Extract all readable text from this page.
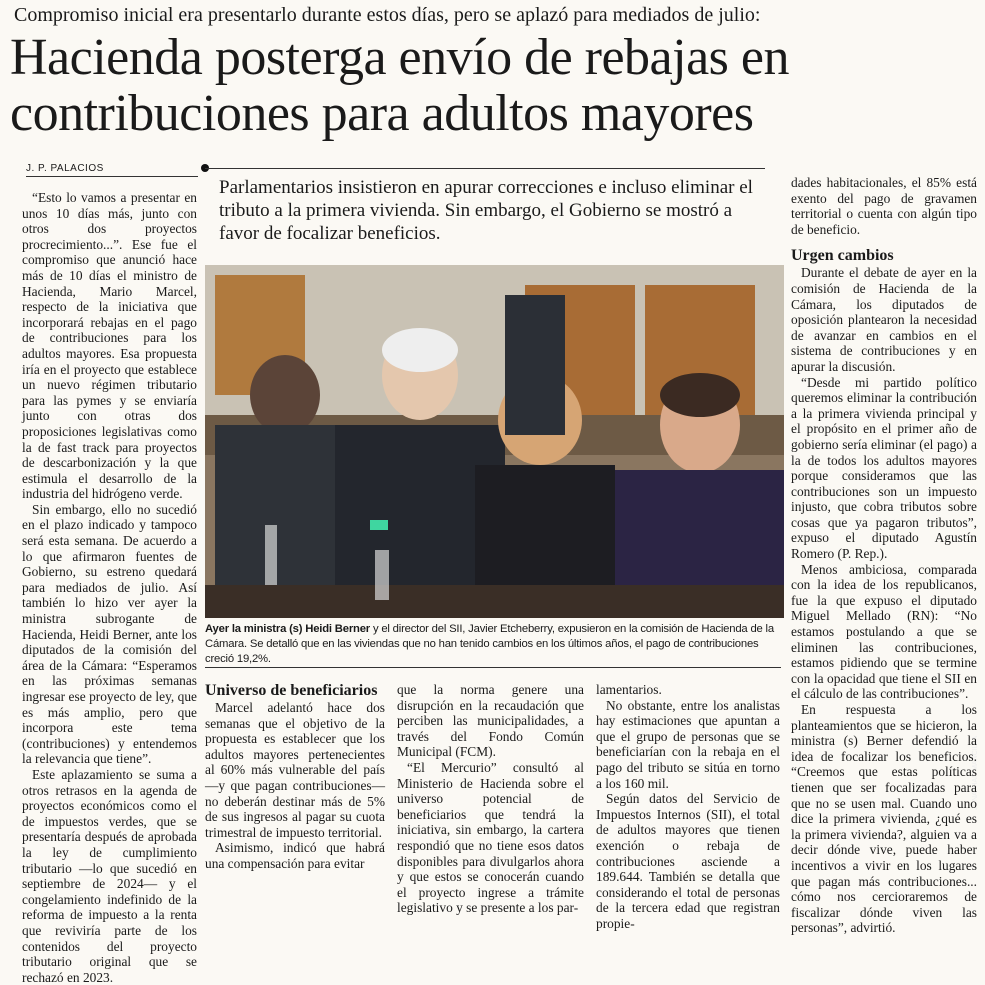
Compromiso inicial era presentarlo durante estos días, pero se aplazó para mediados de julio:
Hacienda posterga envío de rebajas en contribuciones para adultos mayores
J. P. PALACIOS
Parlamentarios insistieron en apurar correcciones e incluso eliminar el tributo a la primera vivienda. Sin embargo, el Gobierno se mostró a favor de focalizar beneficios.

“Esto lo vamos a presentar en unos 10 días más, junto con otros dos proyectos procrecimiento...”. Ese fue el compromiso que anunció hace más de 10 días el ministro de Hacienda, Mario Marcel, respecto de la iniciativa que incorporará rebajas en el pago de contribuciones para los adultos mayores. Esa propuesta iría en el proyecto que establece un nuevo régimen tributario para las pymes y se enviaría junto con otras dos proposiciones legislativas como la de fast track para proyectos de descarbonización y la que estimula el desarrollo de la industria del hidrógeno verde.

Sin embargo, ello no sucedió en el plazo indicado y tampoco será esta semana. De acuerdo a lo que afirmaron fuentes de Gobierno, su estreno quedará para mediados de julio. Así también lo hizo ver ayer la ministra subrogante de Hacienda, Heidi Berner, ante los diputados de la comisión del área de la Cámara: “Esperamos en las próximas semanas ingresar ese proyecto de ley, que es más amplio, pero que incorpora este tema (contribuciones) y entendemos la relevancia que tiene”.

Este aplazamiento se suma a otros retrasos en la agenda de proyectos económicos como el de impuestos verdes, que se presentaría después de aprobada la ley de cumplimiento tributario —lo que sucedió en septiembre de 2024— y el congelamiento indefinido de la reforma de impuesto a la renta que reviviría parte de los contenidos del proyecto tributario original que se rechazó en 2023.

JONATHAN MANCILLA
Ayer la ministra (s) Heidi Berner y el director del SII, Javier Etcheberry, expusieron en la comisión de Hacienda de la Cámara. Se detalló que en las viviendas que no han tenido cambios en los últimos años, el pago de contribuciones creció 19,2%.

Universo de beneficiarios

Marcel adelantó hace dos semanas que el objetivo de la propuesta es establecer que los adultos mayores pertenecientes al 60% más vulnerable del país —y que pagan contribuciones— no deberán destinar más de 5% de sus ingresos al pagar su cuota trimestral de impuesto territorial.

Asimismo, indicó que habrá una compensación para evitar

que la norma genere una disrupción en la recaudación que perciben las municipalidades, a través del Fondo Común Municipal (FCM).

“El Mercurio” consultó al Ministerio de Hacienda sobre el universo potencial de beneficiarios que tendrá la iniciativa, sin embargo, la cartera respondió que no tiene esos datos disponibles para divulgarlos ahora y que estos se conocerán cuando el proyecto ingrese a trámite legislativo y se presente a los par-

lamentarios.

No obstante, entre los analistas hay estimaciones que apuntan a que el grupo de personas que se beneficiarían con la rebaja en el pago del tributo se sitúa en torno a los 160 mil.

Según datos del Servicio de Impuestos Internos (SII), el total de adultos mayores que tienen exención o rebaja de contribuciones asciende a 189.644. También se detalla que considerando el total de personas de la tercera edad que registran propie-

dades habitacionales, el 85% está exento del pago de gravamen territorial o cuenta con algún tipo de beneficio.

Urgen cambios

Durante el debate de ayer en la comisión de Hacienda de la Cámara, los diputados de oposición plantearon la necesidad de avanzar en cambios en el sistema de contribuciones y en apurar la discusión.

“Desde mi partido político queremos eliminar la contribución a la primera vivienda principal y el propósito en el primer año de gobierno sería eliminar (el pago) a la de todos los adultos mayores porque consideramos que las contribuciones son un impuesto injusto, que cobra tributos sobre cosas que ya pagaron tributos”, expuso el diputado Agustín Romero (P. Rep.).

Menos ambiciosa, comparada con la idea de los republicanos, fue la que expuso el diputado Miguel Mellado (RN): “No estamos postulando a que se eliminen las contribuciones, estamos pidiendo que se termine con la opacidad que tiene el SII en el cálculo de las contribuciones”.

En respuesta a los planteamientos que se hicieron, la ministra (s) Berner defendió la idea de focalizar los beneficios. “Creemos que estas políticas tienen que ser focalizadas para que no se usen mal. Cuando uno dice la primera vivienda, ¿qué es la primera vivienda?, alguien va a decir dónde vive, puede haber incentivos a vivir en los lugares que pagan más contribuciones... cómo nos cercioraremos de fiscalizar dónde viven las personas”, advirtió.
